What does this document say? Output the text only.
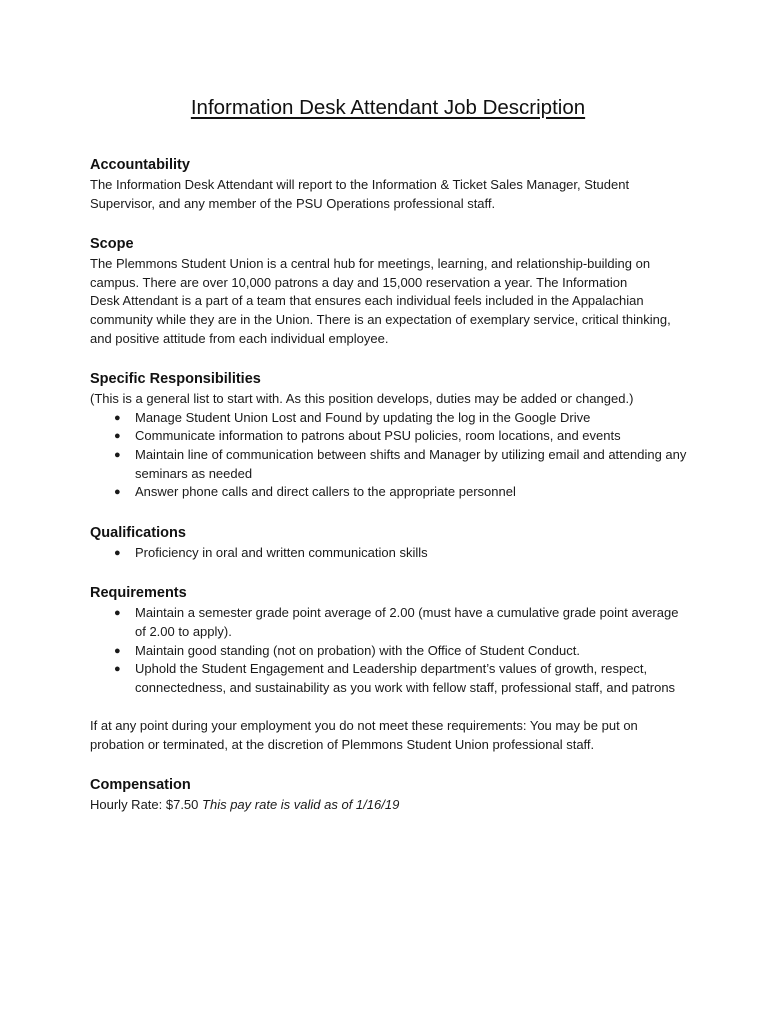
Information Desk Attendant Job Description
Accountability

The Information Desk Attendant will report to the Information & Ticket Sales Manager, Student Supervisor, and any member of the PSU Operations professional staff.

Scope

The Plemmons Student Union is a central hub for meetings, learning, and relationship-building on campus. There are over 10,000 patrons a day and 15,000 reservation a year. The Information

Desk Attendant is a part of a team that ensures each individual feels included in the Appalachian community while they are in the Union. There is an expectation of exemplary service, critical thinking, and positive attitude from each individual employee.

Specific Responsibilities

(This is a general list to start with. As this position develops, duties may be added or changed.)

● Manage Student Union Lost and Found by updating the log in the Google Drive
● Communicate information to patrons about PSU policies, room locations, and events
● Maintain line of communication between shifts and Manager by utilizing email and attending any seminars as needed
● Answer phone calls and direct callers to the appropriate personnel
Qualifications
● Proficiency in oral and written communication skills
Requirements
● Maintain a semester grade point average of 2.00 (must have a cumulative grade point average of 2.00 to apply).
● Maintain good standing (not on probation) with the Office of Student Conduct.
● Uphold the Student Engagement and Leadership department’s values of growth, respect, connectedness, and sustainability as you work with fellow staff, professional staff, and patrons

If at any point during your employment you do not meet these requirements: You may be put on probation or terminated, at the discretion of Plemmons Student Union professional staff.

Compensation

Hourly Rate: $7.50 This pay rate is valid as of 1/16/19
